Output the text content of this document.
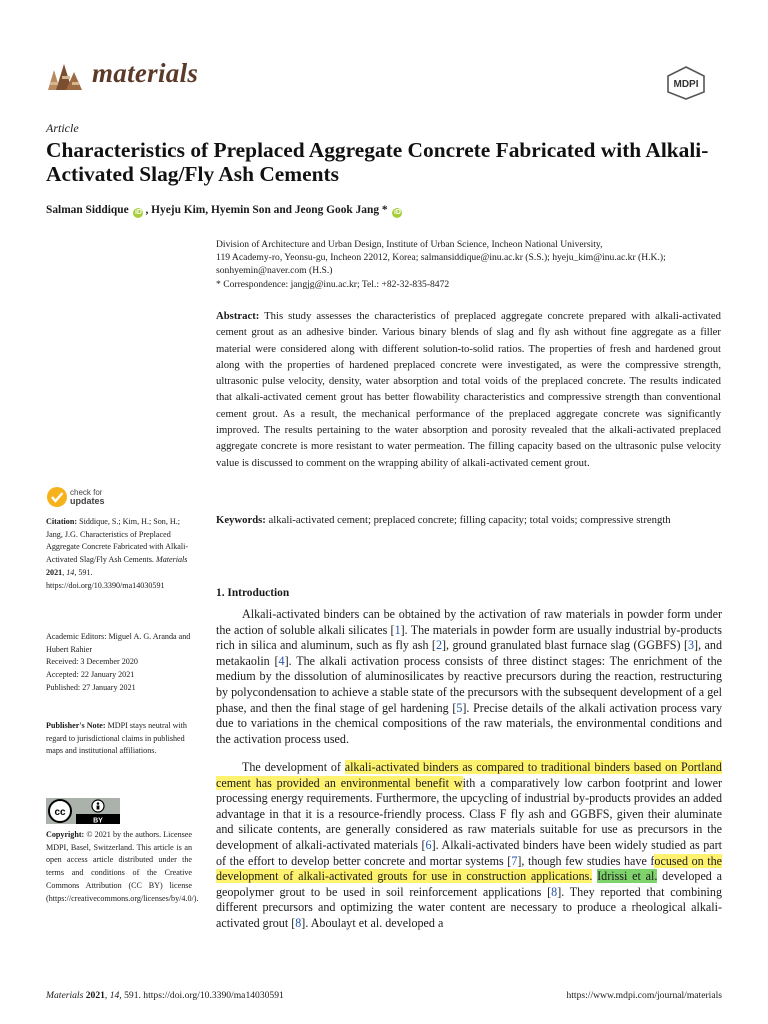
materials	MDPI
Article
Characteristics of Preplaced Aggregate Concrete Fabricated with Alkali-Activated Slag/Fly Ash Cements
Salman Siddique iD , Hyeju Kim, Hyemin Son and Jeong Gook Jang * iD
Division of Architecture and Urban Design, Institute of Urban Science, Incheon National University,
119 Academy-ro, Yeonsu-gu, Incheon 22012, Korea; salmansiddique@inu.ac.kr (S.S.); hyeju_kim@inu.ac.kr (H.K.);
sonhyemin@naver.com (H.S.)
* Correspondence: jangjg@inu.ac.kr; Tel.: +82-32-835-8472
Abstract: This study assesses the characteristics of preplaced aggregate concrete prepared with alkali-activated cement grout as an adhesive binder. Various binary blends of slag and fly ash without fine aggregate as a filler material were considered along with different solution-to-solid ratios. The properties of fresh and hardened grout along with the properties of hardened preplaced concrete were investigated, as were the compressive strength, ultrasonic pulse velocity, density, water absorption and total voids of the preplaced concrete. The results indicated that alkali-activated cement grout has better flowability characteristics and compressive strength than conventional cement grout. As a result, the mechanical performance of the preplaced aggregate concrete was significantly improved. The results pertaining to the water absorption and porosity revealed that the alkali-activated preplaced aggregate concrete is more resistant to water permeation. The filling capacity based on the ultrasonic pulse velocity value is discussed to comment on the wrapping ability of alkali-activated cement grout.
Keywords: alkali-activated cement; preplaced concrete; filling capacity; total voids; compressive strength
check for
updates
Citation: Siddique, S.; Kim, H.; Son, H.; Jang, J.G. Characteristics of Preplaced Aggregate Concrete Fabricated with Alkali-Activated Slag/Fly Ash Cements. Materials 2021, 14, 591. https://doi.org/10.3390/ma14030591
Academic Editors: Miguel A. G. Aranda and Hubert Rahier
Received: 3 December 2020
Accepted: 22 January 2021
Published: 27 January 2021
Publisher's Note: MDPI stays neutral with regard to jurisdictional claims in published maps and institutional affiliations.
cc
BY
Copyright: © 2021 by the authors. Licensee MDPI, Basel, Switzerland. This article is an open access article distributed under the terms and conditions of the Creative Commons Attribution (CC BY) license (https://creativecommons.org/licenses/by/4.0/).
1. Introduction

Alkali-activated binders can be obtained by the activation of raw materials in powder form under the action of soluble alkali silicates [1]. The materials in powder form are usually industrial by-products rich in silica and aluminum, such as fly ash [2], ground granulated blast furnace slag (GGBFS) [3], and metakaolin [4]. The alkali activation process consists of three distinct stages: The enrichment of the medium by the dissolution of aluminosilicates by reactive precursors during the reaction, restructuring by polycondensation to achieve a stable state of the precursors with the subsequent development of a gel phase, and then the final stage of gel hardening [5]. Precise details of the alkali activation process vary due to variations in the chemical compositions of the raw materials, the environmental conditions and the activation process used.

The development of alkali-activated binders as compared to traditional binders based on Portland cement has provided an environmental benefit with a comparatively low carbon footprint and lower processing energy requirements. Furthermore, the upcycling of industrial by-products provides an added advantage in that it is a resource-friendly process. Class F fly ash and GGBFS, given their aluminate and silicate contents, are generally considered as raw materials suitable for use as precursors in the development of alkali-activated materials [6]. Alkali-activated binders have been widely studied as part of the effort to develop better concrete and mortar systems [7], though few studies have focused on the development of alkali-activated grouts for use in construction applications. Idrissi et al. developed a geopolymer grout to be used in soil reinforcement applications [8]. They reported that combining different precursors and optimizing the water content are necessary to produce a rheological alkali-activated grout [8]. Aboulayt et al. developed a

Materials 2021, 14, 591. https://doi.org/10.3390/ma14030591	https://www.mdpi.com/journal/materials
